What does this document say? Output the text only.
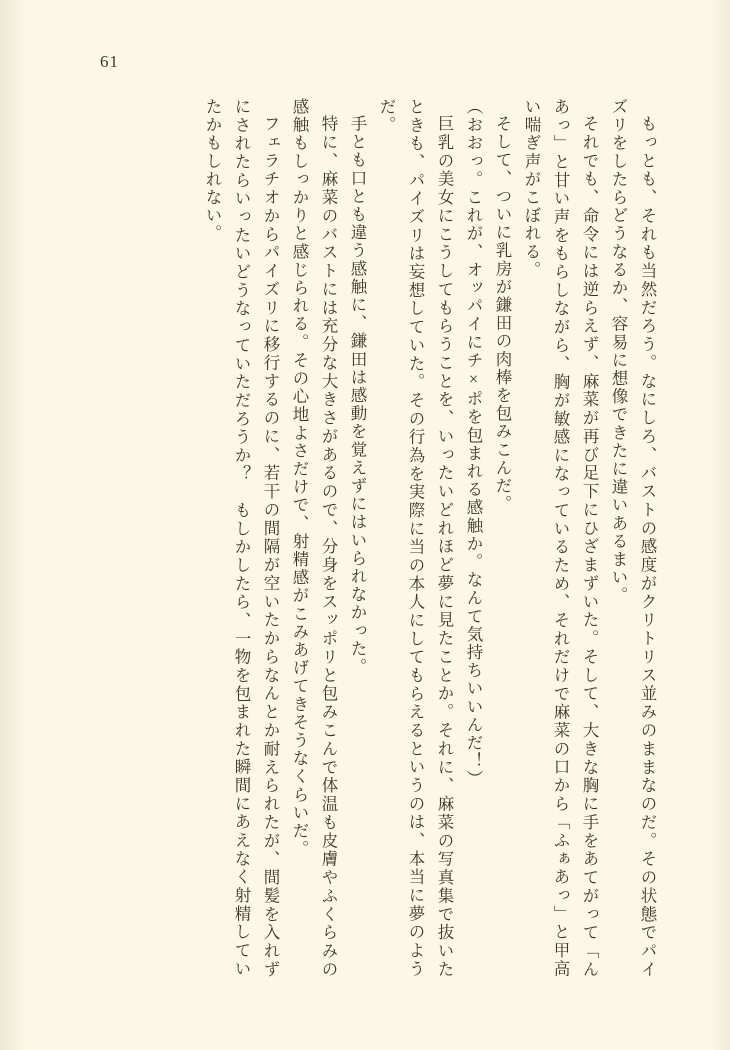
61

もっとも、それも当然だろう。なにしろ、バストの感度がクリトリス並みのままなのだ。その状態でパイズリをしたらどうなるか、容易に想像できたに違いあるまい。

それでも、命令には逆らえず、麻菜が再び足下にひざまずいた。そして、大きな胸に手をあてがって「んあっ」と甘い声をもらしながら、胸が敏感になっているため、それだけで麻菜の口から「ふぁあっ」と甲高い喘ぎ声がこぼれる。

そして、ついに乳房が鎌田の肉棒を包みこんだ。

（おおっ。これが、オッパイにチ×ポを包まれる感触か。なんて気持ちいいんだ！）

巨乳の美女にこうしてもらうことを、いったいどれほど夢に見たことか。それに、麻菜の写真集で抜いたときも、パイズリは妄想していた。その行為を実際に当の本人にしてもらえるというのは、本当に夢のようだ。

手とも口とも違う感触に、鎌田は感動を覚えずにはいられなかった。

特に、麻菜のバストには充分な大きさがあるので、分身をスッポリと包みこんで体温も皮膚やふくらみの感触もしっかりと感じられる。その心地よさだけで、射精感がこみあげてきそうなくらいだ。

フェラチオからパイズリに移行するのに、若干の間隔が空いたからなんとか耐えられたが、間髪を入れずにされたらいったいどうなっていただろうか？　もしかしたら、一物を包まれた瞬間にあえなく射精していたかもしれない。
